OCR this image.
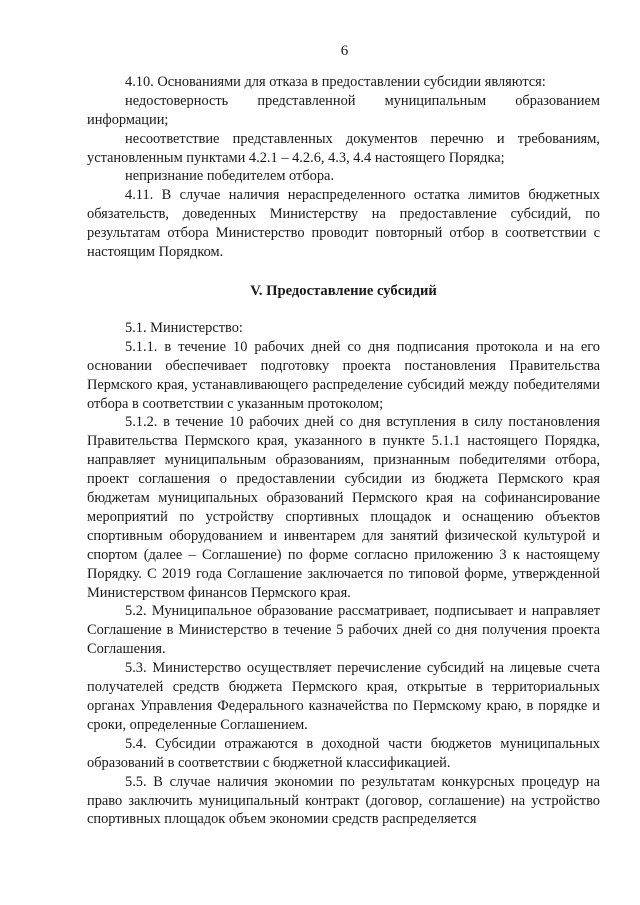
6

4.10. Основаниями для отказа в предоставлении субсидии являются:

недостоверность представленной муниципальным образованием информации;

несоответствие представленных документов перечню и требованиям, установленным пунктами 4.2.1 – 4.2.6, 4.3, 4.4 настоящего Порядка;

непризнание победителем отбора.

4.11. В случае наличия нераспределенного остатка лимитов бюджетных обязательств, доведенных Министерству на предоставление субсидий, по результатам отбора Министерство проводит повторный отбор в соответствии с настоящим Порядком.

V. Предоставление субсидий

5.1. Министерство:

5.1.1. в течение 10 рабочих дней со дня подписания протокола и на его основании обеспечивает подготовку проекта постановления Правительства Пермского края, устанавливающего распределение субсидий между победителями отбора в соответствии с указанным протоколом;

5.1.2. в течение 10 рабочих дней со дня вступления в силу постановления Правительства Пермского края, указанного в пункте 5.1.1 настоящего Порядка, направляет муниципальным образованиям, признанным победителями отбора, проект соглашения о предоставлении субсидии из бюджета Пермского края бюджетам муниципальных образований Пермского края на софинансирование мероприятий по устройству спортивных площадок и оснащению объектов спортивным оборудованием и инвентарем для занятий физической культурой и спортом (далее – Соглашение) по форме согласно приложению 3 к настоящему Порядку. С 2019 года Соглашение заключается по типовой форме, утвержденной Министерством финансов Пермского края.

5.2. Муниципальное образование рассматривает, подписывает и направляет Соглашение в Министерство в течение 5 рабочих дней со дня получения проекта Соглашения.

5.3. Министерство осуществляет перечисление субсидий на лицевые счета получателей средств бюджета Пермского края, открытые в территориальных органах Управления Федерального казначейства по Пермскому краю, в порядке и сроки, определенные Соглашением.

5.4. Субсидии отражаются в доходной части бюджетов муниципальных образований в соответствии с бюджетной классификацией.

5.5. В случае наличия экономии по результатам конкурсных процедур на право заключить муниципальный контракт (договор, соглашение) на устройство спортивных площадок объем экономии средств распределяется
